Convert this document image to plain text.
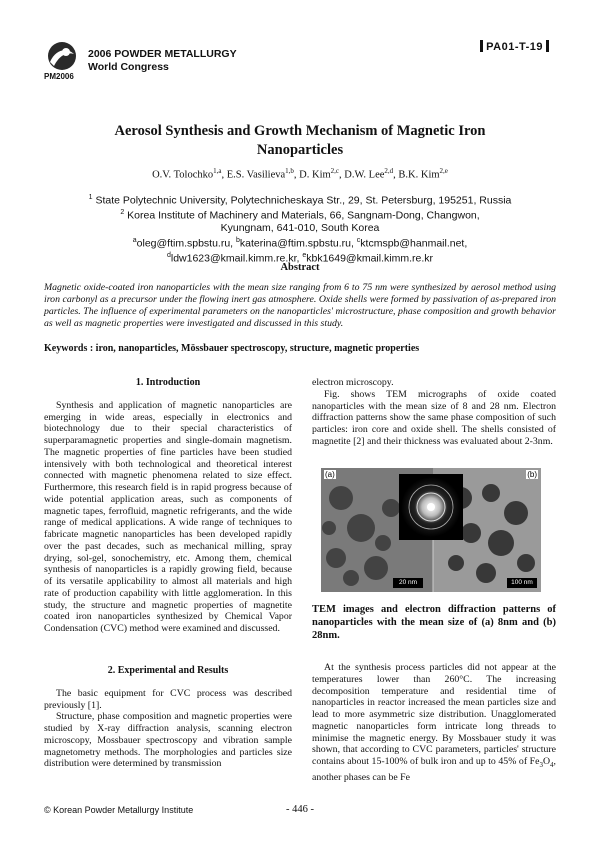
PM2006
2006 POWDER METALLURGY
World Congress
PA01-T-19
Aerosol Synthesis and Growth Mechanism of Magnetic Iron
Nanoparticles
O.V. Tolochko$^{1,a}$, E.S. Vasilieva$^{1,b}$, D. Kim$^{2,c}$, D.W. Lee$^{2,d}$, B.K. Kim$^{2,e}$
$^1$ State Polytechnic University, Polytechnicheskaya Str., 29, St. Petersburg, 195251, Russia
$^2$ Korea Institute of Machinery and Materials, 66, Sangnam-Dong, Changwon,
Kyungnam, 641-010, South Korea
$^a$oleg@ftim.spbstu.ru, $^b$katerina@ftim.spbstu.ru, $^c$ktcmspb@hanmail.net,
$^d$ldw1623@kmail.kimm.re.kr, $^e$kbk1649@kmail.kimm.re.kr
Abstract
Magnetic oxide-coated iron nanoparticles with the mean size ranging from 6 to 75 nm were synthesized by aerosol method using iron carbonyl as a precursor under the flowing inert gas atmosphere. Oxide shells were formed by passivation of as-prepared iron particles. The influence of experimental parameters on the nanoparticles' microstructure, phase composition and growth behavior as well as magnetic properties were investigated and discussed in this study.
Keywords : iron, nanoparticles, Mössbauer spectroscopy, structure, magnetic properties
1. Introduction
Synthesis and application of magnetic nanoparticles are emerging in wide areas, especially in electronics and biotechnology due to their special characteristics of superparamagnetic properties and single-domain magnetism. The magnetic properties of fine particles have been studied intensively with both technological and theoretical interest connected with magnetic phenomena related to size effect. Furthermore, this research field is in rapid progress because of wide potential application areas, such as components of magnetic tapes, ferrofluid, magnetic refrigerants, and the wide range of medical applications. A wide range of techniques to fabricate magnetic nanoparticles has been developed rapidly over the past decades, such as mechanical milling, spray drying, sol-gel, sonochemistry, etc. Among them, chemical synthesis of nanoparticles is a rapidly growing field, because of its versatile applicability to almost all materials and high rate of production capability with little agglomeration. In this study, the structure and magnetic properties of magnetite coated iron nanoparticles synthesized by Chemical Vapor Condensation (CVC) method were examined and discussed.
2. Experimental and Results
The basic equipment for CVC process was described previously [1].
Structure, phase composition and magnetic properties were studied by X-ray diffraction analysis, scanning electron microscopy, Mossbauer spectroscopy and vibration sample magnetometry methods. The morphologies and particles size distribution were determined by transmission
electron microscopy.
Fig. shows TEM micrographs of oxide coated nanoparticles with the mean size of 8 and 28 nm. Electron diffraction patterns show the same phase composition of such particles: iron core and oxide shell. The shells consisted of magnetite [2] and their thickness was evaluated about 2-3nm.
(a)	(b)
20 nm	100 nm
TEM images and electron diffraction patterns of nanoparticles with the mean size of (a) 8nm and (b) 28nm.
At the synthesis process particles did not appear at the temperatures lower than 260°C. The increasing decomposition temperature and residential time of nanoparticles in reactor increased the mean particles size and lead to more asymmetric size distribution. Unagglomerated magnetic nanoparticles form intricate long threads to minimise the magnetic energy. By Mossbauer study it was shown, that according to CVC parameters, particles' structure contains about 15-100% of bulk iron and up to 45% of $Fe_3O_4$, another phases can be Fe
© Korean Powder Metallurgy Institute	- 446 -
